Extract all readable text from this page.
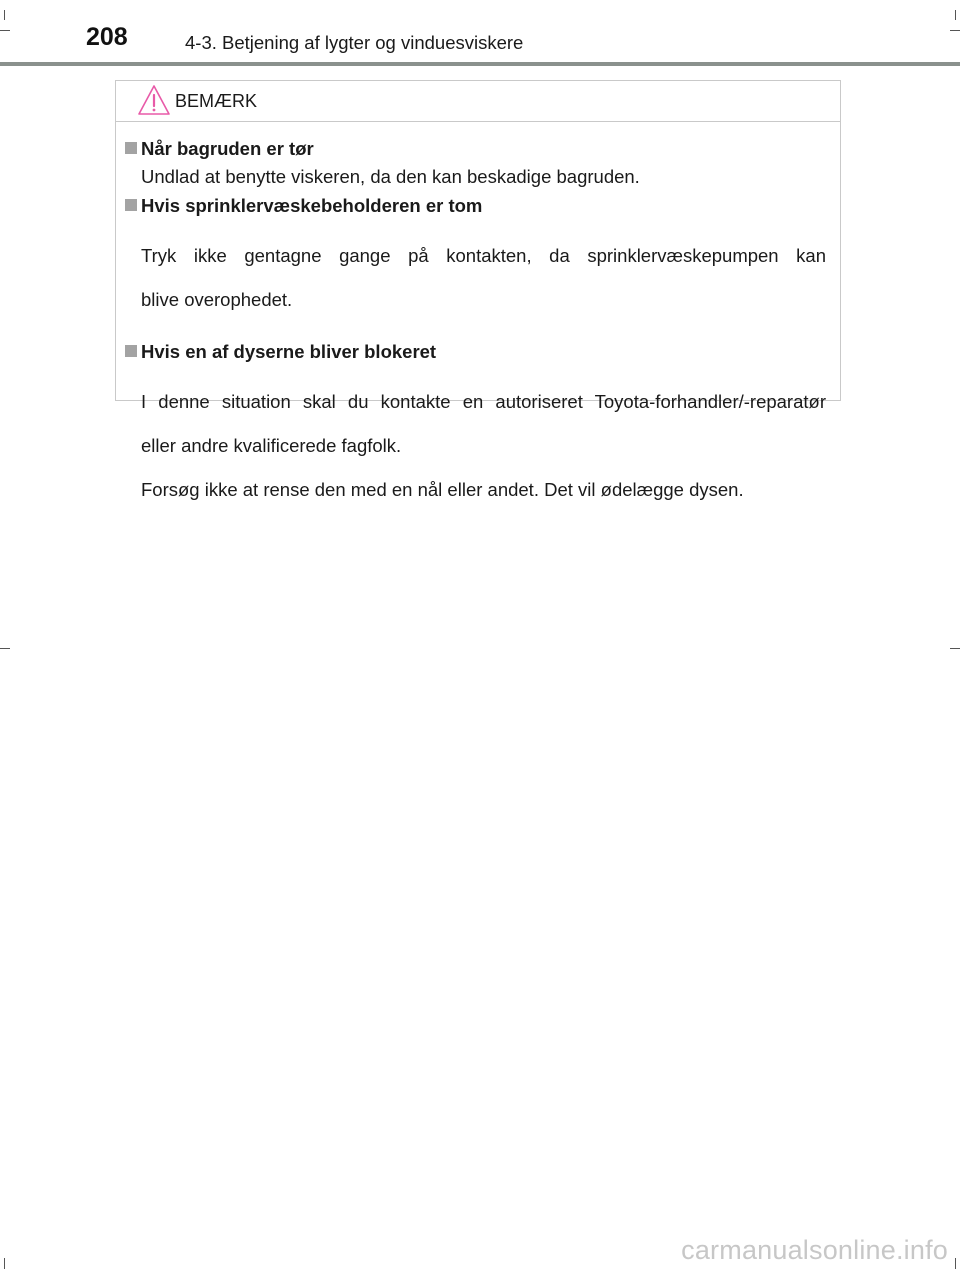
208	4-3. Betjening af lygter og vinduesviskere
BEMÆRK
Når bagruden er tør
Undlad at benytte viskeren, da den kan beskadige bagruden.
Hvis sprinklervæskebeholderen er tom

Tryk ikke gentagne gange på kontakten, da sprinklervæskepumpen kan

blive overophedet.

Hvis en af dyserne bliver blokeret

I denne situation skal du kontakte en autoriseret Toyota-forhandler/-reparatør

eller andre kvalificerede fagfolk.

Forsøg ikke at rense den med en nål eller andet. Det vil ødelægge dysen.

carmanualsonline.info
